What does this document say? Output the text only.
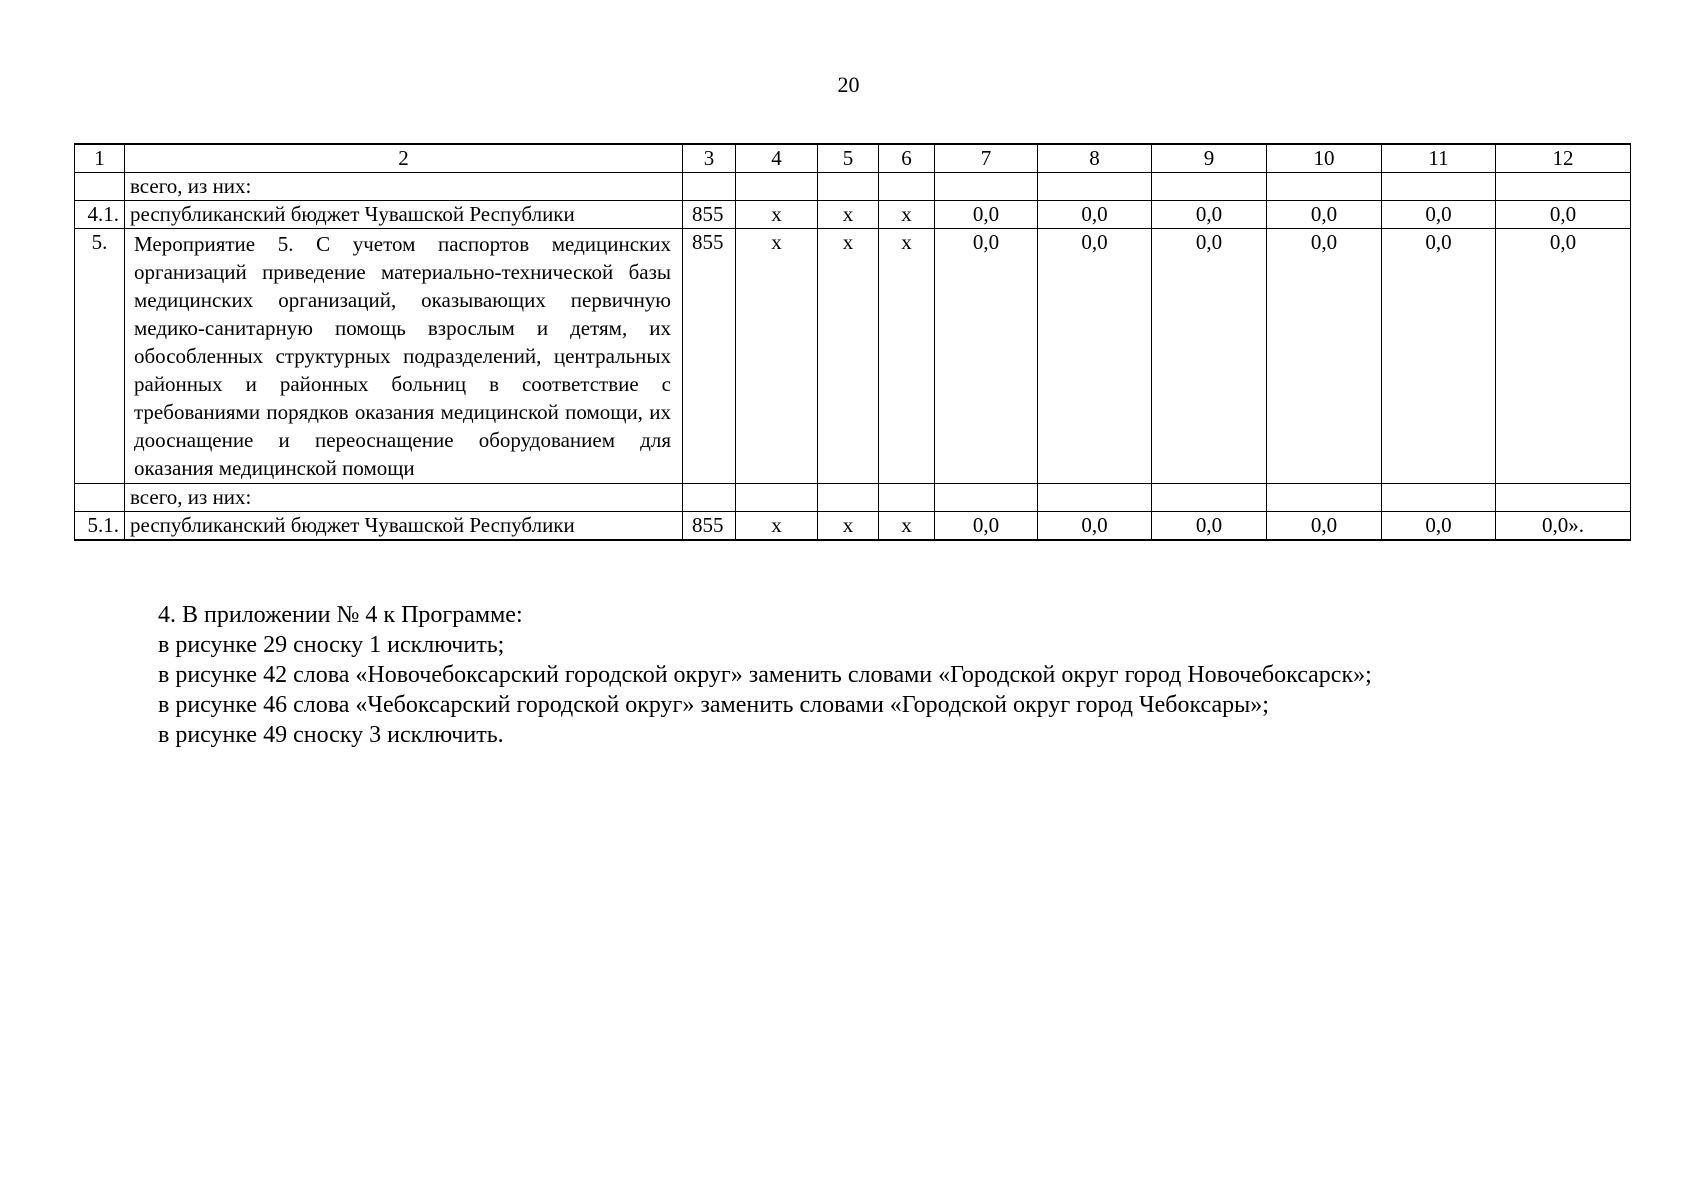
20
1	2	3	4	5	6	7	8	9	10	11	12
	всего, из них:										
4.1.	республиканский бюджет Чувашской Республики	855	х	х	х	0,0	0,0	0,0	0,0	0,0	0,0
5.	Мероприятие 5. С учетом паспортов медицинских организаций приведение материально-технической базы медицинских организаций, оказывающих первичную медико-санитарную помощь взрослым и детям, их обособленных структурных подразделений, центральных районных и районных больниц в соответствие с требованиями порядков оказания медицинской помощи, их дооснащение и переоснащение оборудованием для оказания медицинской помощи	855	х	х	х	0,0	0,0	0,0	0,0	0,0	0,0
	всего, из них:										
5.1.	республиканский бюджет Чувашской Республики	855	х	х	х	0,0	0,0	0,0	0,0	0,0	0,0».

4. В приложении № 4 к Программе:

в рисунке 29 сноску 1 исключить;

в рисунке 42 слова «Новочебоксарский городской округ» заменить словами «Городской округ город Новочебоксарск»;

в рисунке 46 слова «Чебоксарский городской округ» заменить словами «Городской округ город Чебоксары»;

в рисунке 49 сноску 3 исключить.
